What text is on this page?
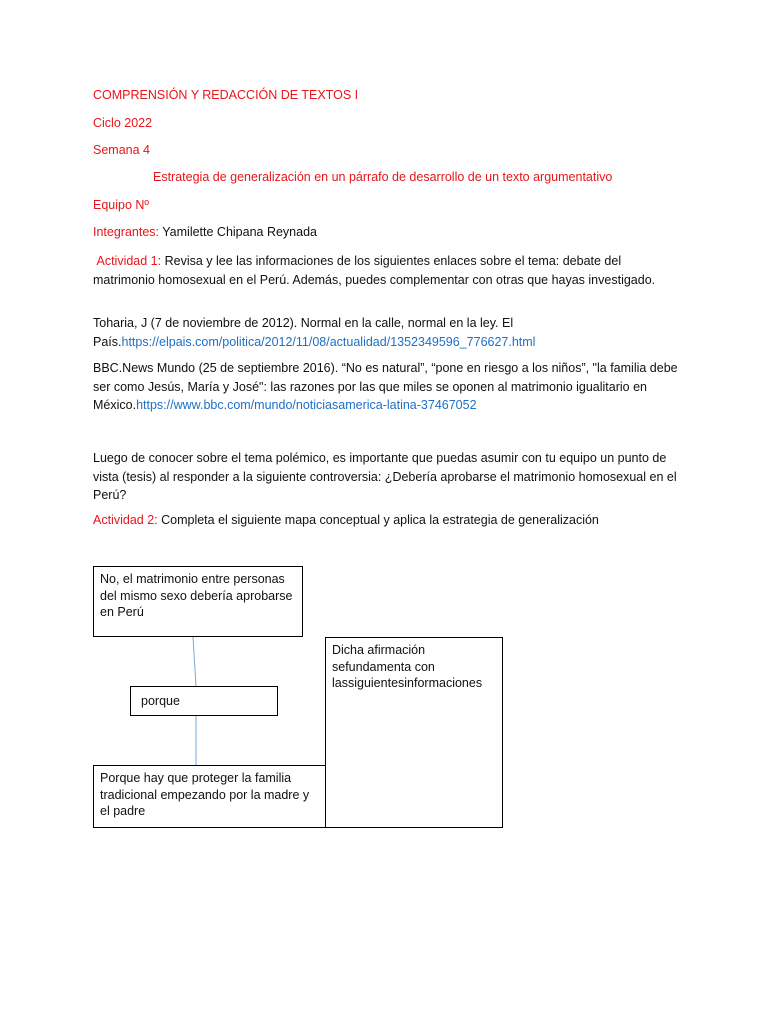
COMPRENSIÓN Y REDACCIÓN DE TEXTOS I
Ciclo 2022
Semana 4
Estrategia de generalización en un párrafo de desarrollo de un texto argumentativo
Equipo Nº
Integrantes: Yamilette Chipana Reynada
Actividad 1: Revisa y lee las informaciones de los siguientes enlaces sobre el tema: debate del matrimonio homosexual en el Perú. Además, puedes complementar con otras que hayas investigado.
Toharia, J (7 de noviembre de 2012). Normal en la calle, normal en la ley. El País.https://elpais.com/politica/2012/11/08/actualidad/1352349596_776627.html
BBC.News Mundo (25 de septiembre 2016). “No es natural”, “pone en riesgo a los niños”, "la familia debe ser como Jesús, María y José": las razones por las que miles se oponen al matrimonio igualitario en México.https://www.bbc.com/mundo/noticiasamerica-latina-37467052
Luego de conocer sobre el tema polémico, es importante que puedas asumir con tu equipo un punto de vista (tesis) al responder a la siguiente controversia: ¿Debería aprobarse el matrimonio homosexual en el Perú?
Actividad 2: Completa el siguiente mapa conceptual y aplica la estrategia de generalización
No, el matrimonio entre personas del mismo sexo debería aprobarse en Perú
Dicha afirmación sefundamenta con lassiguientesinformaciones
porque
Porque hay que proteger la familia tradicional empezando por la madre y el padre
